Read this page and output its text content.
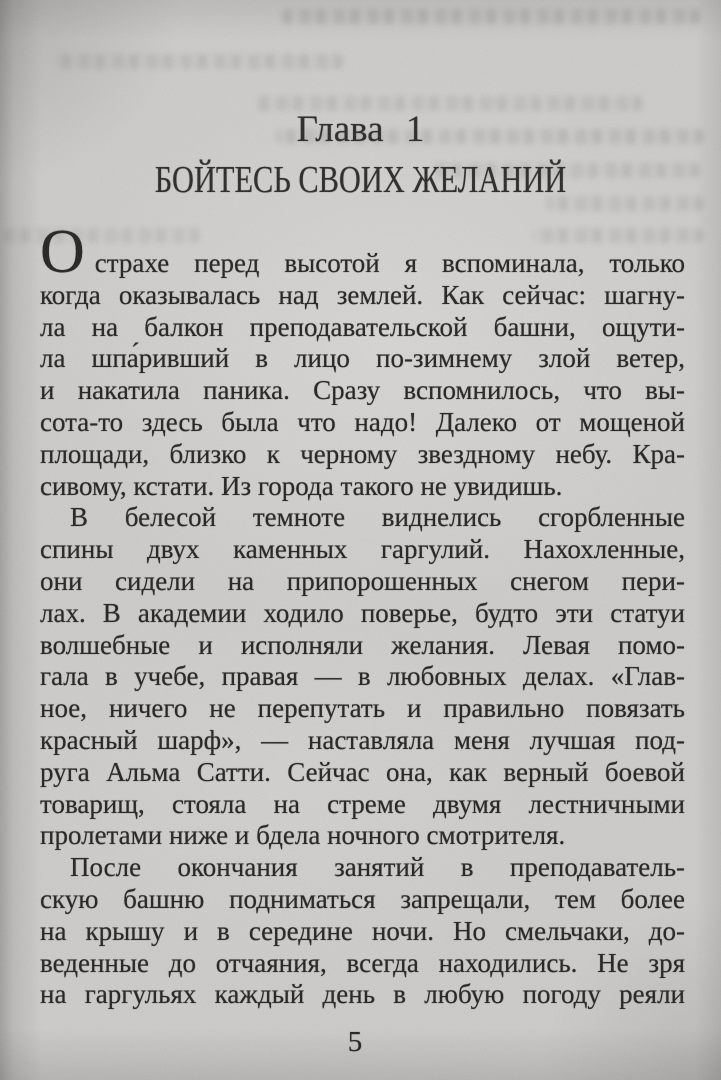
Глава 1
БОЙТЕСЬ СВОИХ ЖЕЛАНИЙ
Острахе перед высотой я вспоминала, только
когда оказывалась над землей. Как сейчас: шагну-
ла на балкон преподавательской башни, ощути-
ла шпа́ривший в лицо по-зимнему злой ветер,
и накатила паника. Сразу вспомнилось, что вы-
сота-то здесь была что надо! Далеко от мощеной
площади, близко к черному звездному небу. Кра-
сивому, кстати. Из города такого не увидишь.
В белесой темноте виднелись сгорбленные
спины двух каменных гаргулий. Нахохленные,
они сидели на припорошенных снегом пери-
лах. В академии ходило поверье, будто эти статуи
волшебные и исполняли желания. Левая помо-
гала в учебе, правая — в любовных делах. «Глав-
ное, ничего не перепутать и правильно повязать
красный шарф», — наставляла меня лучшая под-
руга Альма Сатти. Сейчас она, как верный боевой
товарищ, стояла на стреме двумя лестничными
пролетами ниже и бдела ночного смотрителя.
После окончания занятий в преподаватель-
скую башню подниматься запрещали, тем более
на крышу и в середине ночи. Но смельчаки, до-
веденные до отчаяния, всегда находились. Не зря
на гаргульях каждый день в любую погоду реяли
5
